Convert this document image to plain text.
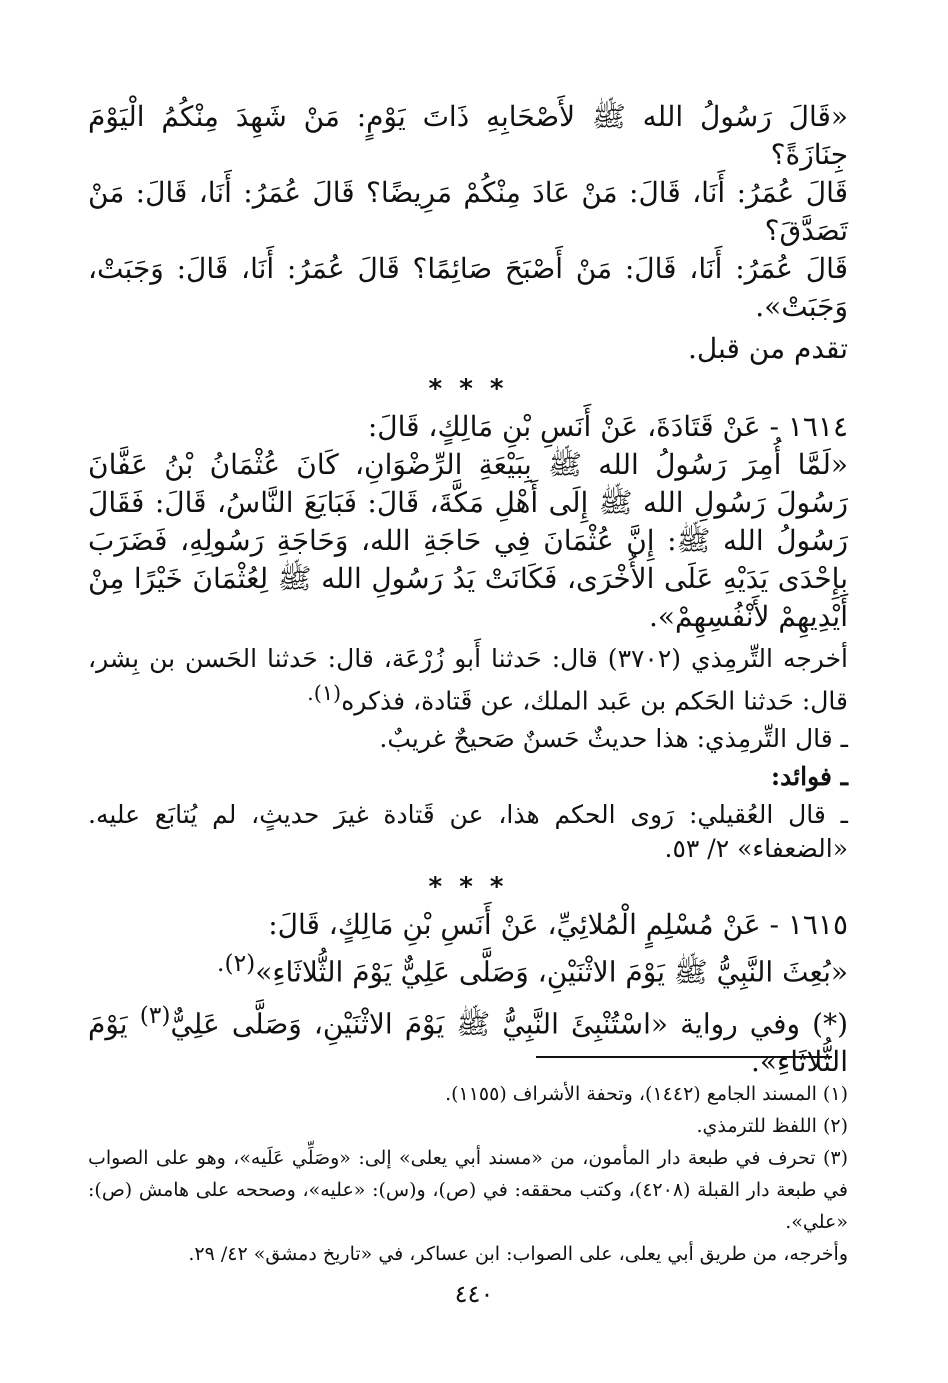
«قَالَ رَسُولُ الله ﷺ لأَصْحَابِهِ ذَاتَ يَوْمٍ: مَنْ شَهِدَ مِنْكُمُ الْيَوْمَ جِنَازَةً؟

قَالَ عُمَرُ: أَنَا، قَالَ: مَنْ عَادَ مِنْكُمْ مَرِيضًا؟ قَالَ عُمَرُ: أَنَا، قَالَ: مَنْ تَصَدَّقَ؟

قَالَ عُمَرُ: أَنَا، قَالَ: مَنْ أَصْبَحَ صَائِمًا؟ قَالَ عُمَرُ: أَنَا، قَالَ: وَجَبَتْ، وَجَبَتْ».

تقدم من قبل.

* * *

١٦١٤ - عَنْ قَتَادَةَ، عَنْ أَنَسِ بْنِ مَالِكٍ، قَالَ:

«لَمَّا أُمِرَ رَسُولُ الله ﷺ بِبَيْعَةِ الرِّضْوَانِ، كَانَ عُثْمَانُ بْنُ عَفَّانَ رَسُولَ رَسُولِ الله ﷺ إِلَى أَهْلِ مَكَّةَ، قَالَ: فَبَايَعَ النَّاسُ، قَالَ: فَقَالَ رَسُولُ الله ﷺ: إِنَّ عُثْمَانَ فِي حَاجَةِ الله، وَحَاجَةِ رَسُولِهِ، فَضَرَبَ بِإِحْدَى يَدَيْهِ عَلَى الأُخْرَى، فَكَانَتْ يَدُ رَسُولِ الله ﷺ لِعُثْمَانَ خَيْرًا مِنْ أَيْدِيهِمْ لأَنْفُسِهِمْ».

أخرجه التِّرمِذي (٣٧٠٢) قال: حَدثنا أَبو زُرْعَة، قال: حَدثنا الحَسن بن بِشر، قال: حَدثنا الحَكم بن عَبد الملك، عن قَتادة، فذكره$^{(١).}$

ـ قال التِّرمِذي: هذا حديثٌ حَسنٌ صَحيحٌ غريبٌ.

ـ فوائد:

ـ قال العُقيلي: رَوى الحكم هذا، عن قَتادة غيرَ حديثٍ، لم يُتابَع عليه. «الضعفاء» ٢/ ٥٣.

* * *

١٦١٥ - عَنْ مُسْلِمٍ الْمُلائِيِّ، عَنْ أَنَسِ بْنِ مَالِكٍ، قَالَ:

«بُعِثَ النَّبِيُّ ﷺ يَوْمَ الاثْنَيْنِ، وَصَلَّى عَلِيٌّ يَوْمَ الثُّلاثَاءِ»$^{(٢).}$

(*) وفي رواية «اسْتُنْبِئَ النَّبِيُّ ﷺ يَوْمَ الاثْنَيْنِ، وَصَلَّى عَلِيٌّ$^{(٣)}$ يَوْمَ الثُّلاثَاءِ».

(١) المسند الجامع (١٤٤٢)، وتحفة الأشراف (١١٥٥).

(٢) اللفظ للترمذي.

(٣) تحرف في طبعة دار المأمون، من «مسند أبي يعلى» إلى: «وصَلِّي عَلَيه»، وهو على الصواب في طبعة دار القبلة (٤٢٠٨)، وكتب محققه: في (ص)، و(س): «عليه»، وصححه على هامش (ص): «علي».

وأخرجه، من طريق أبي يعلى، على الصواب: ابن عساكر، في «تاريخ دمشق» ٤٢/ ٢٩.

٤٤٠
